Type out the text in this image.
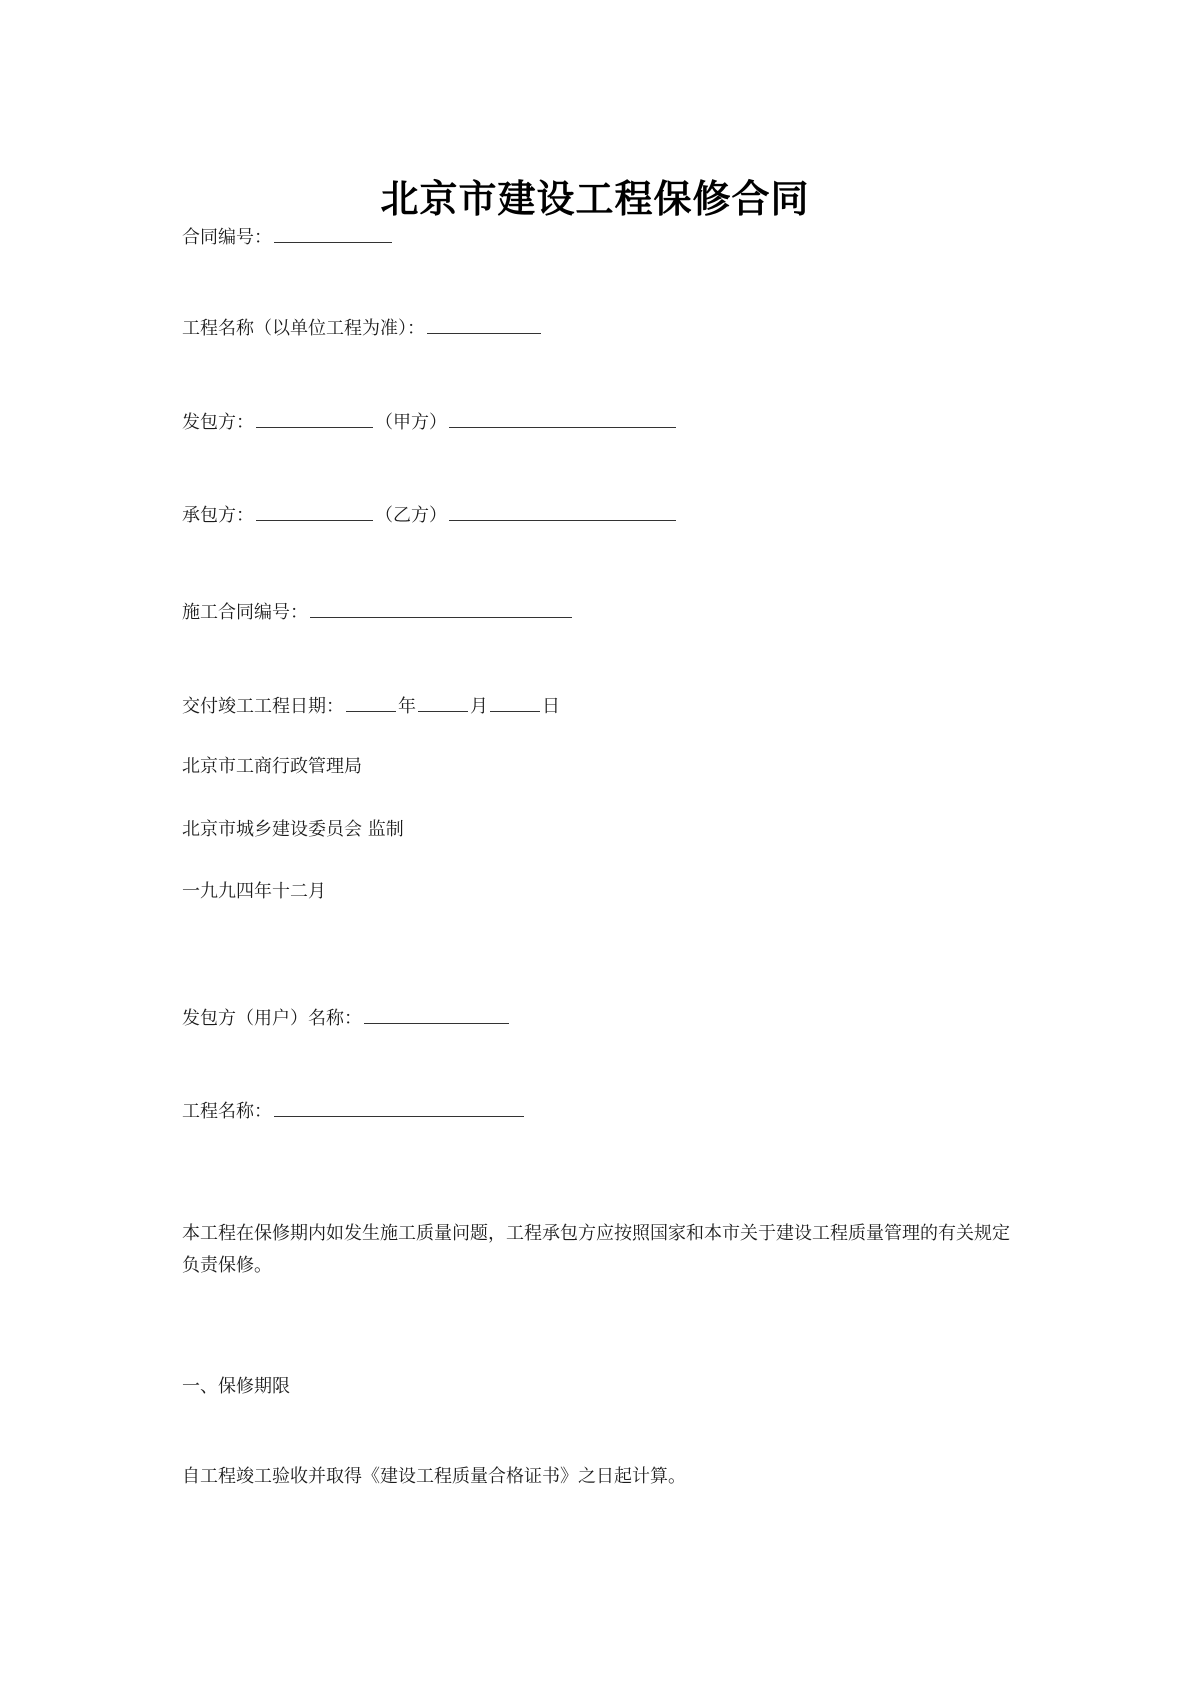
北京市建设工程保修合同
合同编号：
工程名称（以单位工程为准）：
发包方：	（甲方）
承包方：	（乙方）
施工合同编号：
交付竣工工程日期：	年	月	日
北京市工商行政管理局
北京市城乡建设委员会 监制
一九九四年十二月
发包方（用户）名称：
工程名称：
本工程在保修期内如发生施工质量问题，工程承包方应按照国家和本市关于建设工程质量管理的有关规定负责保修。
一、保修期限
自工程竣工验收并取得《建设工程质量合格证书》之日起计算。
